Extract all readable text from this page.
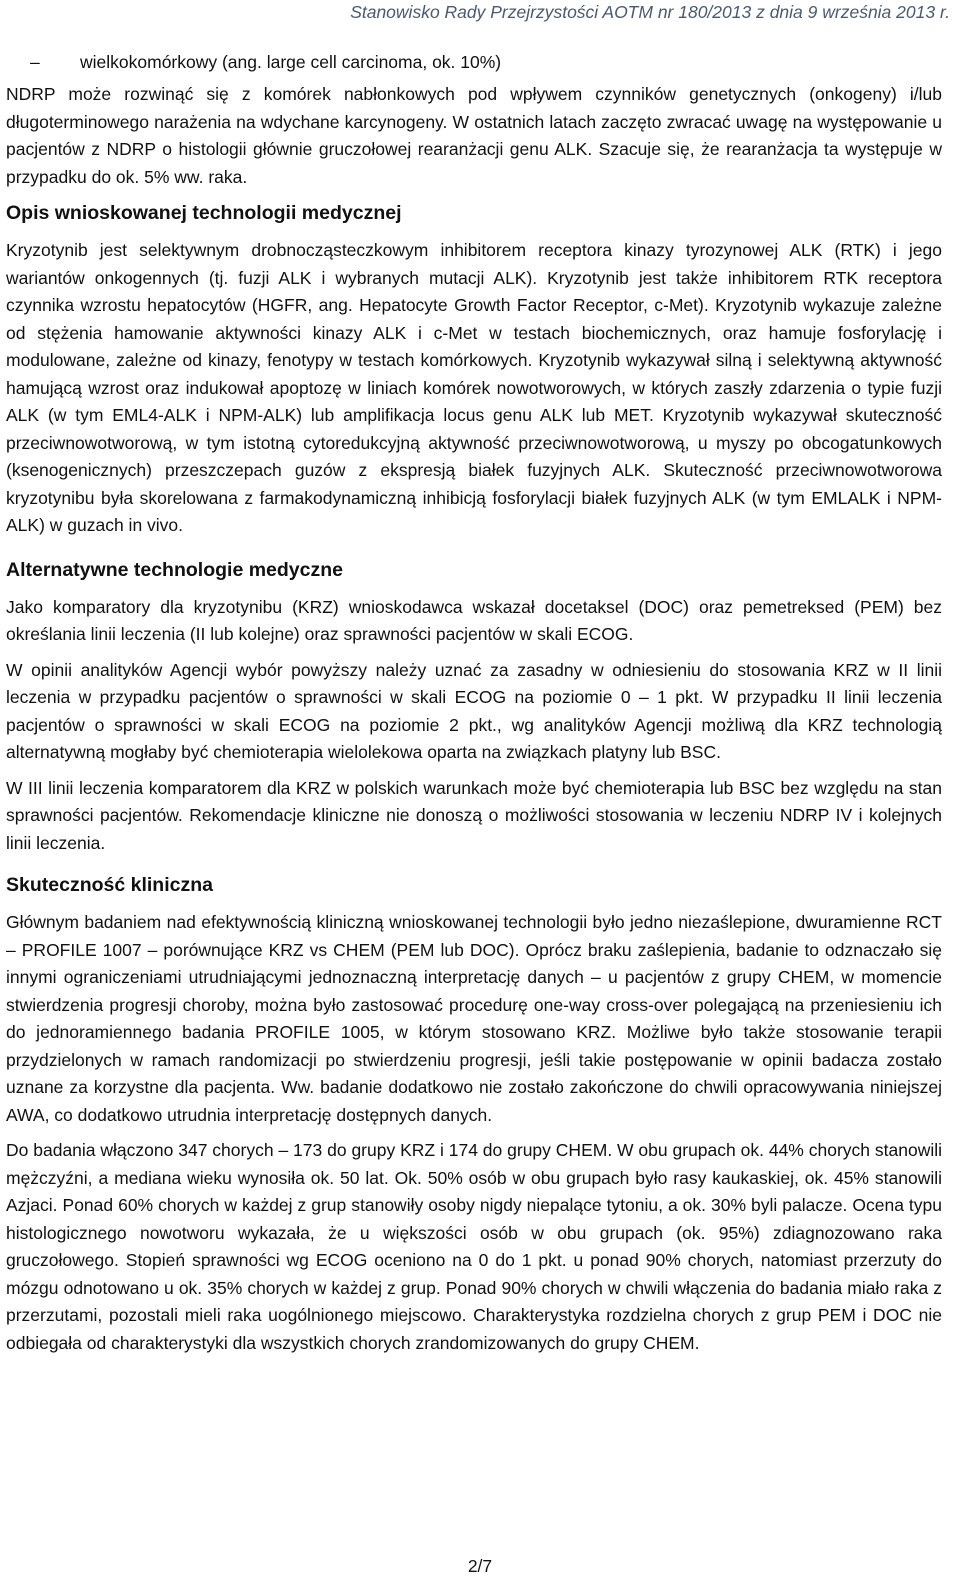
Stanowisko Rady Przejrzystości AOTM nr 180/2013 z dnia 9 września 2013 r.
–	wielkokomórkowy (ang. large cell carcinoma, ok. 10%)

NDRP może rozwinąć się z komórek nabłonkowych pod wpływem czynników genetycznych (onkogeny) i/lub długoterminowego narażenia na wdychane karcynogeny. W ostatnich latach zaczęto zwracać uwagę na występowanie u pacjentów z NDRP o histologii głównie gruczołowej rearanżacji genu ALK. Szacuje się, że rearanżacja ta występuje w przypadku do ok. 5% ww. raka.

Opis wnioskowanej technologii medycznej

Kryzotynib jest selektywnym drobnocząsteczkowym inhibitorem receptora kinazy tyrozynowej ALK (RTK) i jego wariantów onkogennych (tj. fuzji ALK i wybranych mutacji ALK). Kryzotynib jest także inhibitorem RTK receptora czynnika wzrostu hepatocytów (HGFR, ang. Hepatocyte Growth Factor Receptor, c-Met). Kryzotynib wykazuje zależne od stężenia hamowanie aktywności kinazy ALK i c-Met w testach biochemicznych, oraz hamuje fosforylację i modulowane, zależne od kinazy, fenotypy w testach komórkowych. Kryzotynib wykazywał silną i selektywną aktywność hamującą wzrost oraz indukował apoptozę w liniach komórek nowotworowych, w których zaszły zdarzenia o typie fuzji ALK (w tym EML4-ALK i NPM-ALK) lub amplifikacja locus genu ALK lub MET. Kryzotynib wykazywał skuteczność przeciwnowotworową, w tym istotną cytoredukcyjną aktywność przeciwnowotworową, u myszy po obcogatunkowych (ksenogenicznych) przeszczepach guzów z ekspresją białek fuzyjnych ALK. Skuteczność przeciwnowotworowa kryzotynibu była skorelowana z farmakodynamiczną inhibicją fosforylacji białek fuzyjnych ALK (w tym EMLALK i NPM-ALK) w guzach in vivo.

Alternatywne technologie medyczne

Jako komparatory dla kryzotynibu (KRZ) wnioskodawca wskazał docetaksel (DOC) oraz pemetreksed (PEM) bez określania linii leczenia (II lub kolejne) oraz sprawności pacjentów w skali ECOG.

W opinii analityków Agencji wybór powyższy należy uznać za zasadny w odniesieniu do stosowania KRZ w II linii leczenia w przypadku pacjentów o sprawności w skali ECOG na poziomie 0 – 1 pkt. W przypadku II linii leczenia pacjentów o sprawności w skali ECOG na poziomie 2 pkt., wg analityków Agencji możliwą dla KRZ technologią alternatywną mogłaby być chemioterapia wielolekowa oparta na związkach platyny lub BSC.

W III linii leczenia komparatorem dla KRZ w polskich warunkach może być chemioterapia lub BSC bez względu na stan sprawności pacjentów. Rekomendacje kliniczne nie donoszą o możliwości stosowania w leczeniu NDRP IV i kolejnych linii leczenia.

Skuteczność kliniczna

Głównym badaniem nad efektywnością kliniczną wnioskowanej technologii było jedno niezaślepione, dwuramienne RCT – PROFILE 1007 – porównujące KRZ vs CHEM (PEM lub DOC). Oprócz braku zaślepienia, badanie to odznaczało się innymi ograniczeniami utrudniającymi jednoznaczną interpretację danych – u pacjentów z grupy CHEM, w momencie stwierdzenia progresji choroby, można było zastosować procedurę one-way cross-over polegającą na przeniesieniu ich do jednoramiennego badania PROFILE 1005, w którym stosowano KRZ. Możliwe było także stosowanie terapii przydzielonych w ramach randomizacji po stwierdzeniu progresji, jeśli takie postępowanie w opinii badacza zostało uznane za korzystne dla pacjenta. Ww. badanie dodatkowo nie zostało zakończone do chwili opracowywania niniejszej AWA, co dodatkowo utrudnia interpretację dostępnych danych.

Do badania włączono 347 chorych – 173 do grupy KRZ i 174 do grupy CHEM. W obu grupach ok. 44% chorych stanowili mężczyźni, a mediana wieku wynosiła ok. 50 lat. Ok. 50% osób w obu grupach było rasy kaukaskiej, ok. 45% stanowili Azjaci. Ponad 60% chorych w każdej z grup stanowiły osoby nigdy niepalące tytoniu, a ok. 30% byli palacze. Ocena typu histologicznego nowotworu wykazała, że u większości osób w obu grupach (ok. 95%) zdiagnozowano raka gruczołowego. Stopień sprawności wg ECOG oceniono na 0 do 1 pkt. u ponad 90% chorych, natomiast przerzuty do mózgu odnotowano u ok. 35% chorych w każdej z grup. Ponad 90% chorych w chwili włączenia do badania miało raka z przerzutami, pozostali mieli raka uogólnionego miejscowo. Charakterystyka rozdzielna chorych z grup PEM i DOC nie odbiegała od charakterystyki dla wszystkich chorych zrandomizowanych do grupy CHEM.

2/7
